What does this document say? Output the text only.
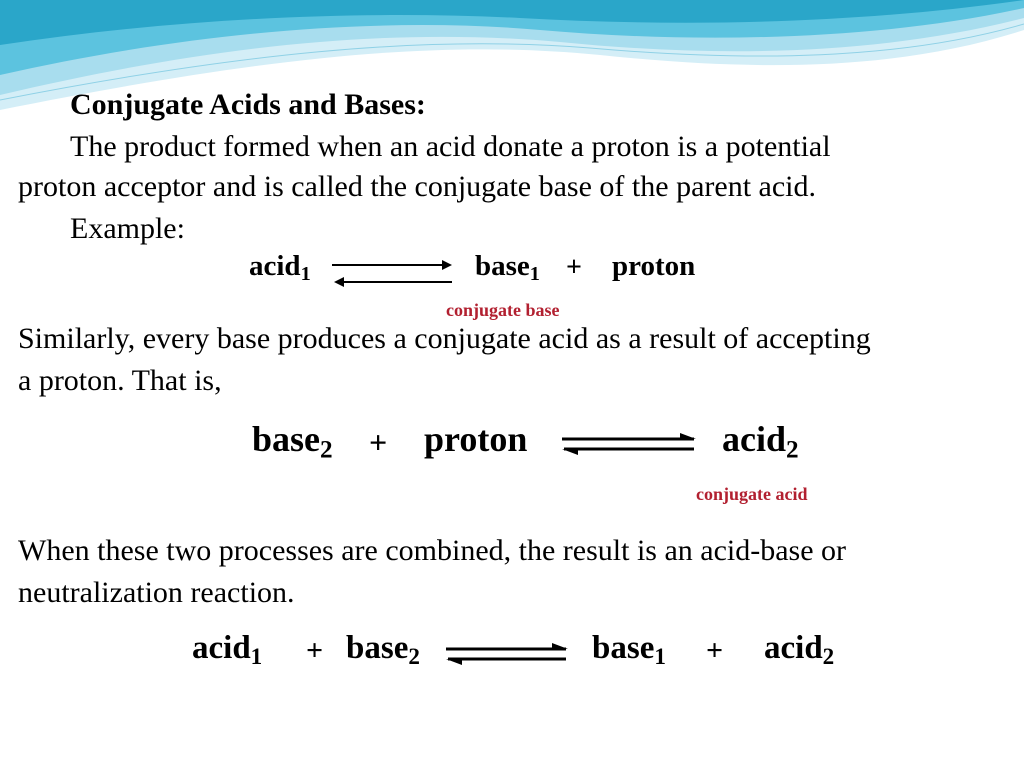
Conjugate Acids and Bases:
The product formed when an acid donate a proton is a potential
proton acceptor and is called the conjugate base of the parent acid.
Example:
acid$_1$	base$_1$ + proton
conjugate base
Similarly, every base produces a conjugate acid as a result of accepting
a proton. That is,
base$_2$ + proton	acid$_2$
conjugate acid
When these two processes are combined, the result is an acid-base or
neutralization reaction.
acid$_1$ + base$_2$	base$_1$ + acid$_2$
